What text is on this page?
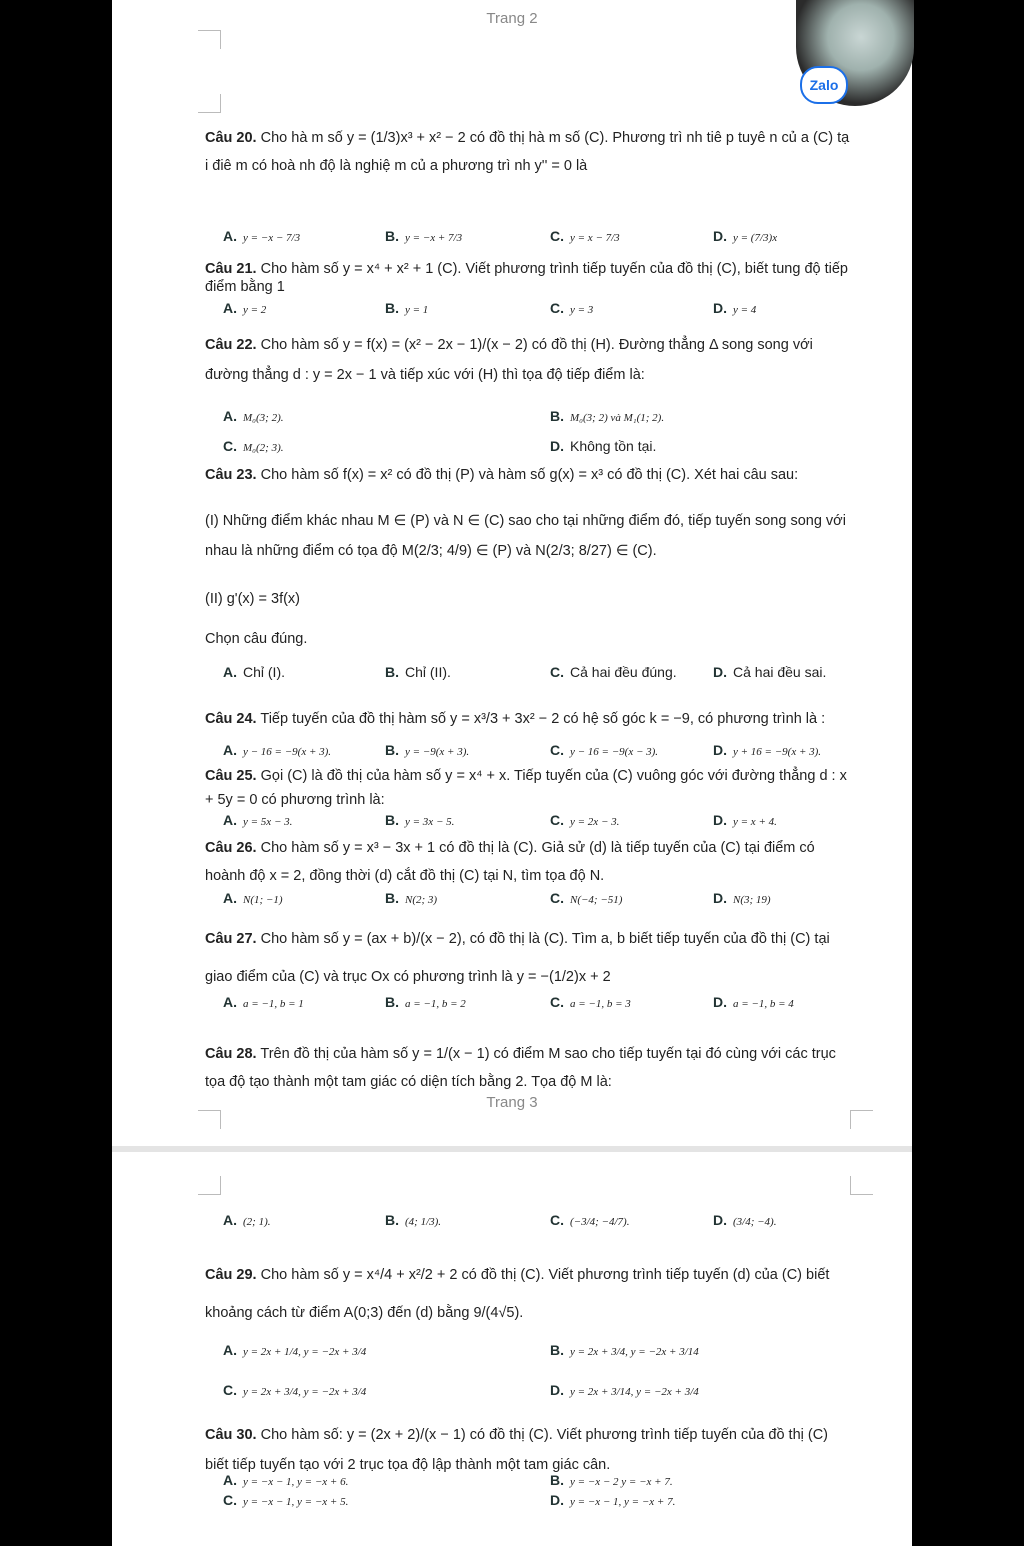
Trang 2
Câu 20. Cho hà m số y = (1/3)x³ + x² − 2 có đồ thị hà m số (C). Phương trì nh tiê p tuyê n củ a (C) tạ i điê m có hoà nh độ là nghiệ m củ a phương trì nh y'' = 0 là
A. y = −x − 7/3	B. y = −x + 7/3	C. y = x − 7/3	D. y = (7/3)x
Câu 21. Cho hàm số y = x⁴ + x² + 1 (C). Viết phương trình tiếp tuyến của đồ thị (C), biết tung độ tiếp điểm bằng 1
A. y = 2	B. y = 1	C. y = 3	D. y = 4
Câu 22. Cho hàm số y = f(x) = (x² − 2x − 1)/(x − 2) có đồ thị (H). Đường thẳng Δ song song với đường thẳng d : y = 2x − 1 và tiếp xúc với (H) thì tọa độ tiếp điểm là:
A. M₀(3; 2).	B. M₀(3; 2) và M₁(1; 2).
C. M₀(2; 3).	D. Không tồn tại.
Câu 23. Cho hàm số f(x) = x² có đồ thị (P) và hàm số g(x) = x³ có đồ thị (C). Xét hai câu sau:
(I) Những điểm khác nhau M ∈ (P) và N ∈ (C) sao cho tại những điểm đó, tiếp tuyến song song với nhau là những điểm có tọa độ M(2/3; 4/9) ∈ (P) và N(2/3; 8/27) ∈ (C).
(II) g'(x) = 3f(x)
Chọn câu đúng.
A. Chỉ (I).	B. Chỉ (II).	C. Cả hai đều đúng.	D. Cả hai đều sai.
Câu 24. Tiếp tuyến của đồ thị hàm số y = x³/3 + 3x² − 2 có hệ số góc k = −9, có phương trình là :
A. y − 16 = −9(x + 3).	B. y = −9(x + 3).	C. y − 16 = −9(x − 3).	D. y + 16 = −9(x + 3).
Câu 25. Gọi (C) là đồ thị của hàm số y = x⁴ + x. Tiếp tuyến của (C) vuông góc với đường thẳng d : x + 5y = 0 có phương trình là:
A. y = 5x − 3.	B. y = 3x − 5.	C. y = 2x − 3.	D. y = x + 4.
Câu 26. Cho hàm số y = x³ − 3x + 1 có đồ thị là (C). Giả sử (d) là tiếp tuyến của (C) tại điểm có hoành độ x = 2, đồng thời (d) cắt đồ thị (C) tại N, tìm tọa độ N.
A. N(1; −1)	B. N(2; 3)	C. N(−4; −51)	D. N(3; 19)
Câu 27. Cho hàm số y = (ax + b)/(x − 2), có đồ thị là (C). Tìm a, b biết tiếp tuyến của đồ thị (C) tại giao điểm của (C) và trục Ox có phương trình là y = −(1/2)x + 2
A. a = −1, b = 1	B. a = −1, b = 2	C. a = −1, b = 3	D. a = −1, b = 4
Câu 28. Trên đồ thị của hàm số y = 1/(x − 1) có điểm M sao cho tiếp tuyến tại đó cùng với các trục tọa độ tạo thành một tam giác có diện tích bằng 2. Tọa độ M là:
Trang 3
A. (2; 1).	B. (4; 1/3).	C. (−3/4; −4/7).	D. (3/4; −4).
Câu 29. Cho hàm số y = x⁴/4 + x²/2 + 2 có đồ thị (C). Viết phương trình tiếp tuyến (d) của (C) biết khoảng cách từ điểm A(0;3) đến (d) bằng 9/(4√5).
A. y = 2x + 1/4, y = −2x + 3/4	B. y = 2x + 3/4, y = −2x + 3/14
C. y = 2x + 3/4, y = −2x + 3/4	D. y = 2x + 3/14, y = −2x + 3/4
Câu 30. Cho hàm số: y = (2x + 2)/(x − 1) có đồ thị (C). Viết phương trình tiếp tuyến của đồ thị (C) biết tiếp tuyến tạo với 2 trục tọa độ lập thành một tam giác cân.
A. y = −x − 1, y = −x + 6.	B. y = −x − 2 y = −x + 7.
C. y = −x − 1, y = −x + 5.	D. y = −x − 1, y = −x + 7.
Zalo
